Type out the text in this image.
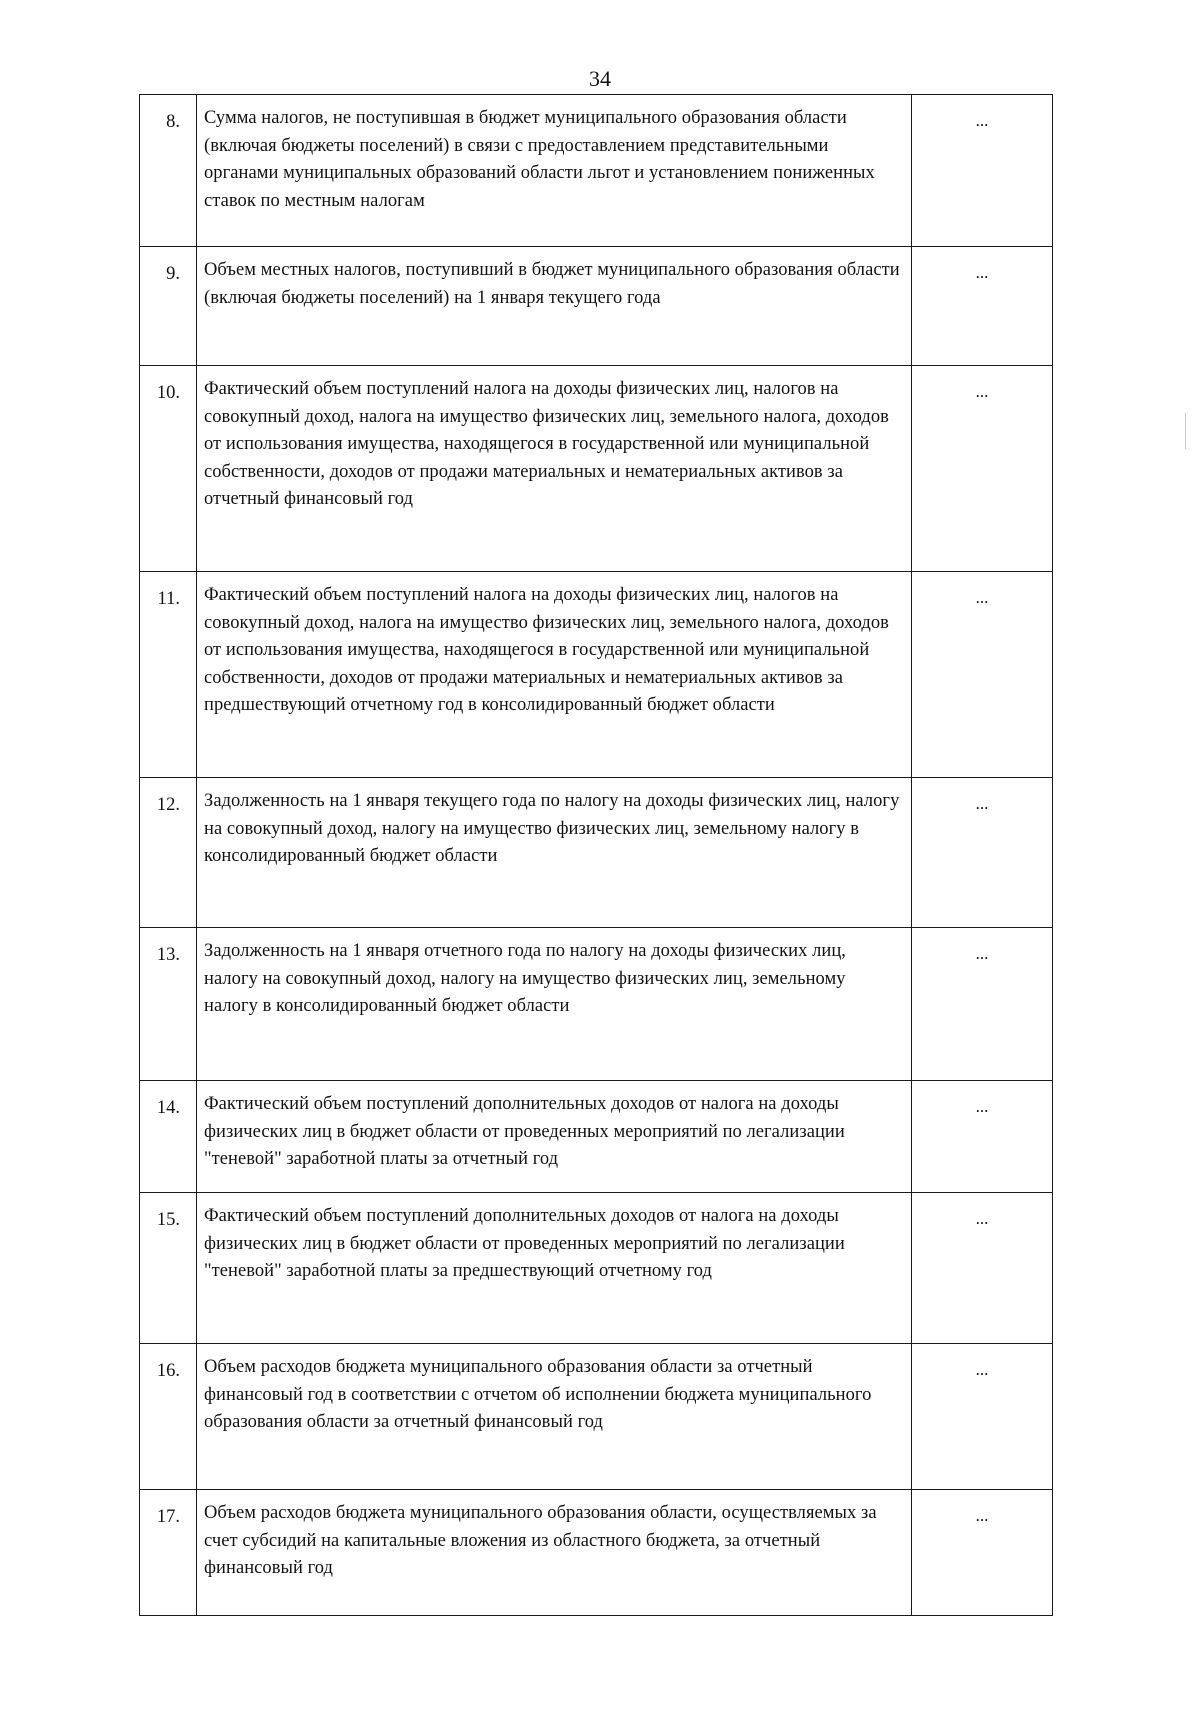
34
8.	Сумма налогов, не поступившая в бюджет муниципального образования области (включая бюджеты поселений) в связи с предоставлением представительными органами муниципальных образований области льгот и установлением пониженных ставок по местным налогам	...
9.	Объем местных налогов, поступивший в бюджет муниципального образования области (включая бюджеты поселений) на 1 января текущего года	...
10.	Фактический объем поступлений налога на доходы физических лиц, налогов на совокупный доход, налога на имущество физических лиц, земельного налога, доходов от использования имущества, находящегося в государственной или муниципальной собственности, доходов от продажи материальных и нематериальных активов за отчетный финансовый год	...
11.	Фактический объем поступлений налога на доходы физических лиц, налогов на совокупный доход, налога на имущество физических лиц, земельного налога, доходов от использования имущества, находящегося в государственной или муниципальной собственности, доходов от продажи материальных и нематериальных активов за предшествующий отчетному год в консолидированный бюджет области	...
12.	Задолженность на 1 января текущего года по налогу на доходы физических лиц, налогу на совокупный доход, налогу на имущество физических лиц, земельному налогу в консолидированный бюджет области	...
13.	Задолженность на 1 января отчетного года по налогу на доходы физических лиц, налогу на совокупный доход, налогу на имущество физических лиц, земельному налогу в консолидированный бюджет области	...
14.	Фактический объем поступлений дополнительных доходов от налога на доходы физических лиц в бюджет области от проведенных мероприятий по легализации "теневой" заработной платы за отчетный год	...
15.	Фактический объем поступлений дополнительных доходов от налога на доходы физических лиц в бюджет области от проведенных мероприятий по легализации "теневой" заработной платы за предшествующий отчетному год	...
16.	Объем расходов бюджета муниципального образования области за отчетный финансовый год в соответствии с отчетом об исполнении бюджета муниципального образования области за отчетный финансовый год	...
17.	Объем расходов бюджета муниципального образования области, осуществляемых за счет субсидий на капитальные вложения из областного бюджета, за отчетный финансовый год	...
